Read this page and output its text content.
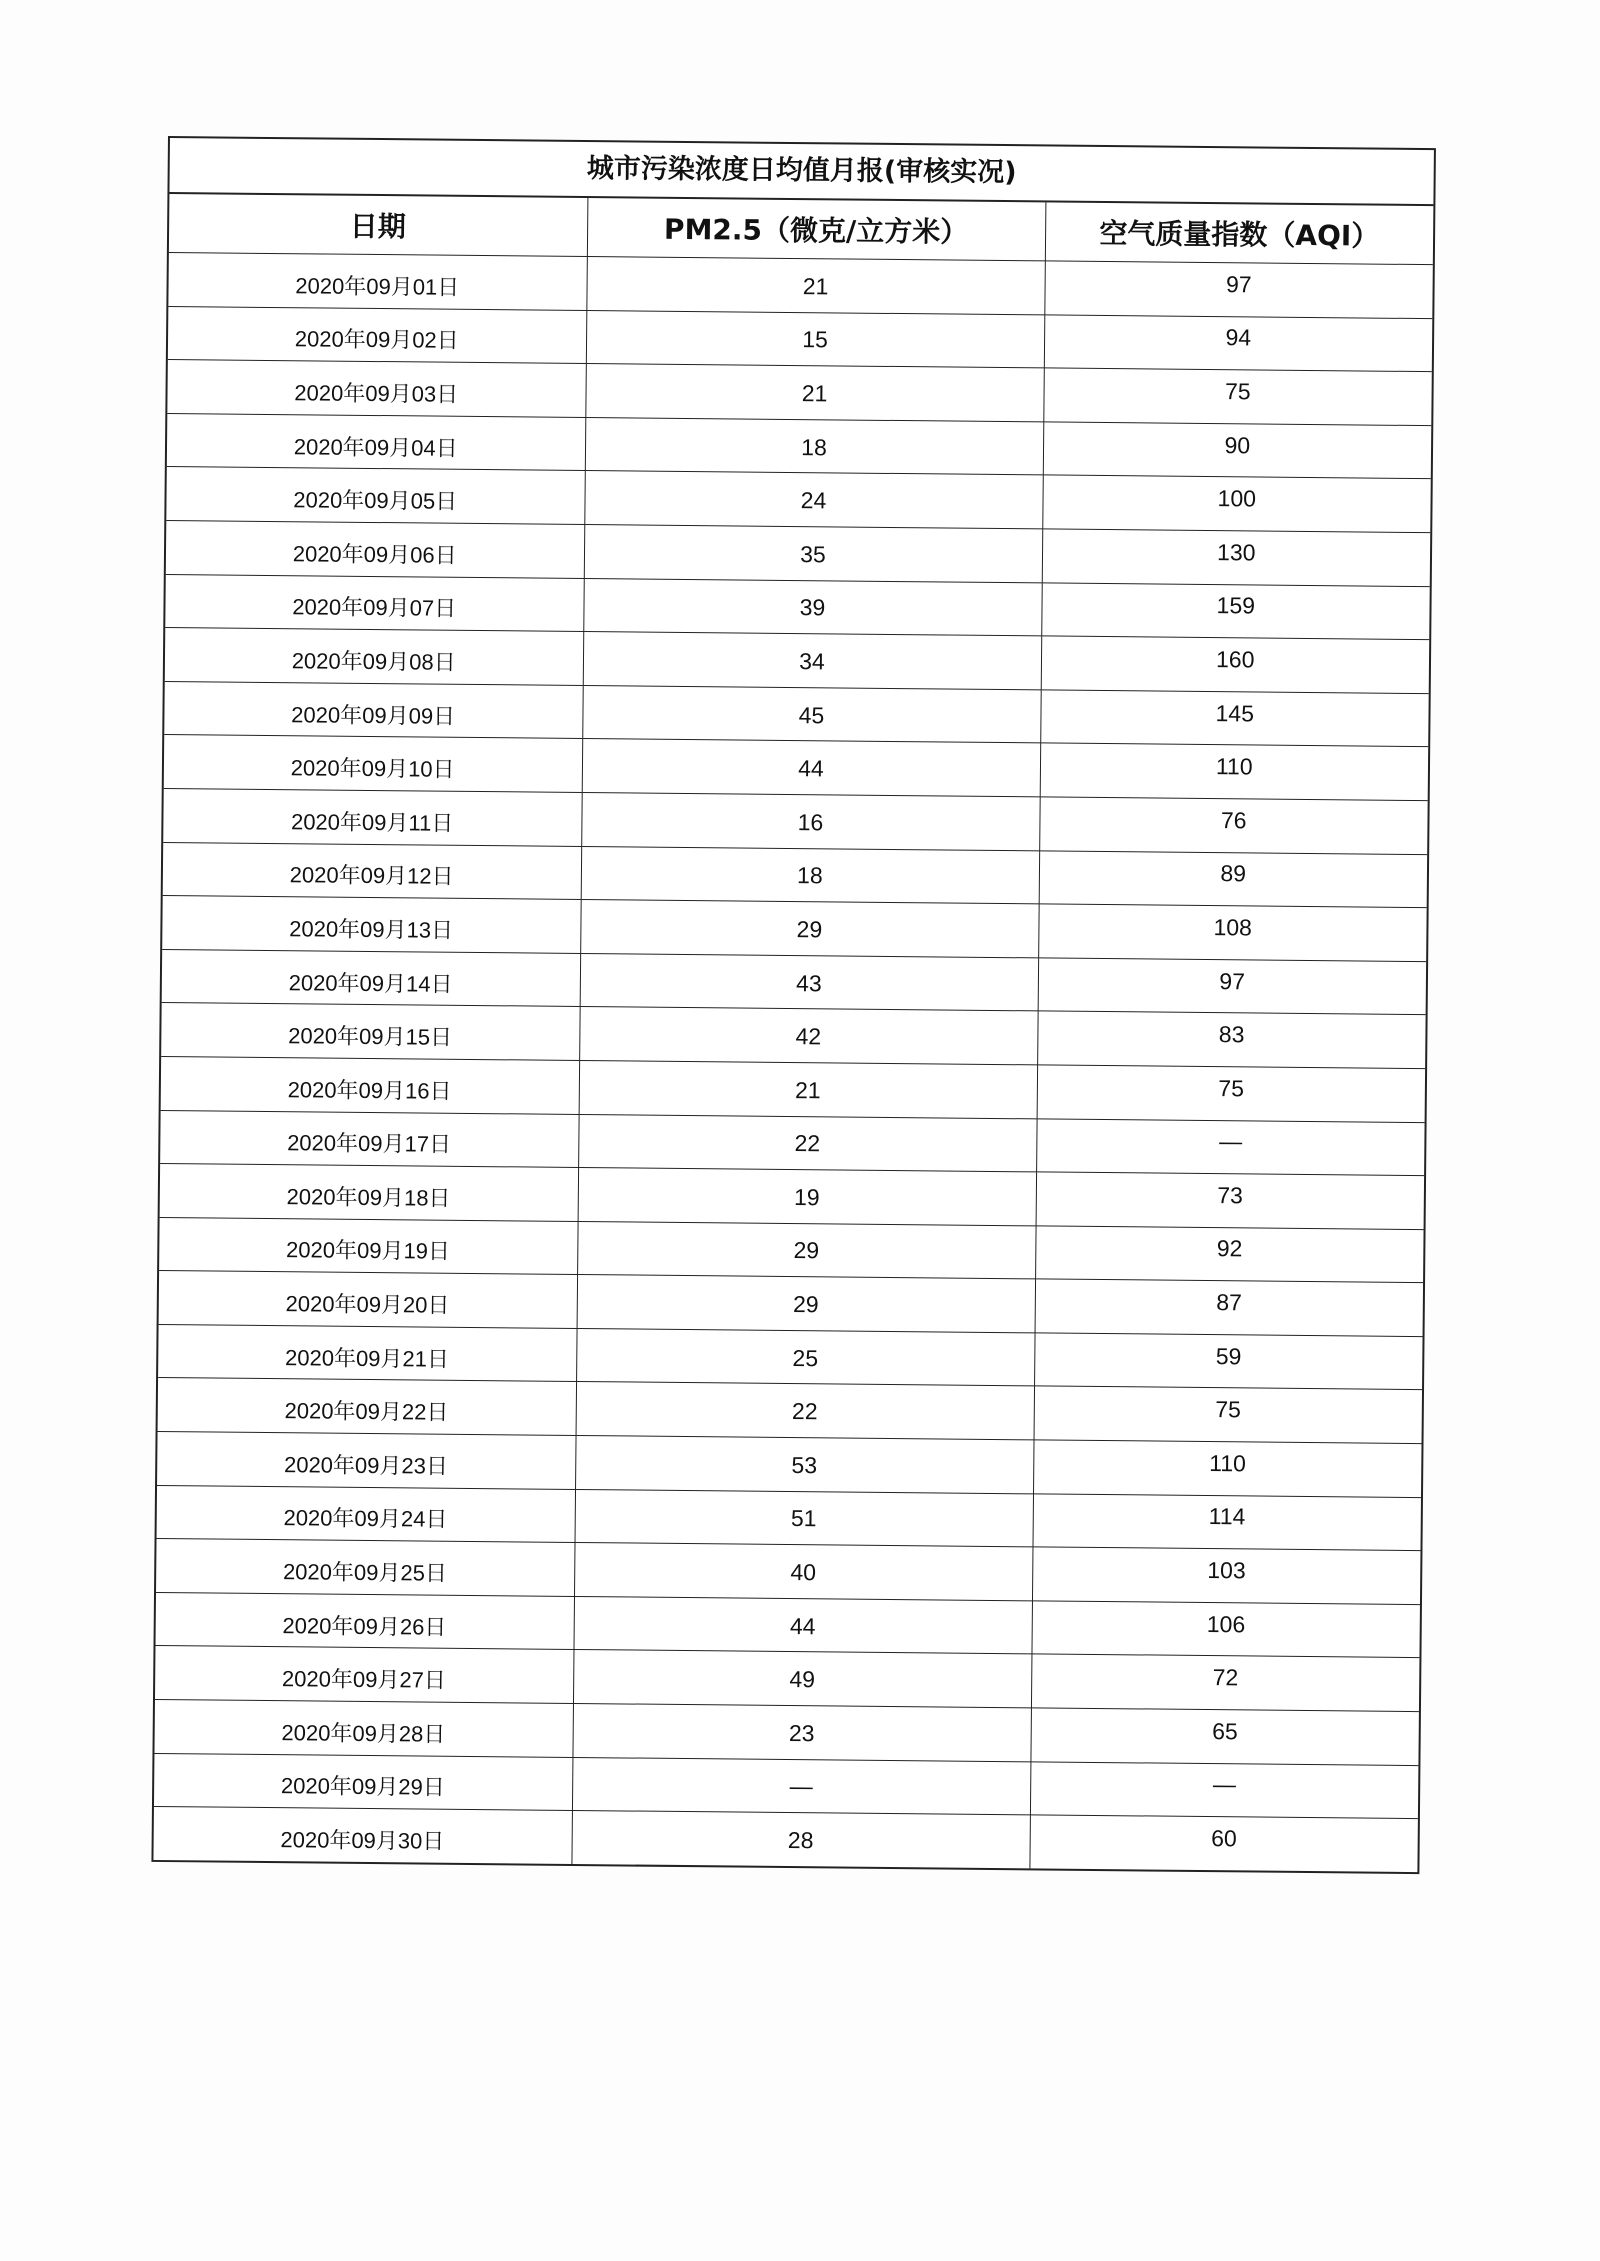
城市污染浓度日均值月报(审核实况)
日期	PM2.5（微克/立方米）	空气质量指数（AQI）
2020年09月01日	21	97
2020年09月02日	15	94
2020年09月03日	21	75
2020年09月04日	18	90
2020年09月05日	24	100
2020年09月06日	35	130
2020年09月07日	39	159
2020年09月08日	34	160
2020年09月09日	45	145
2020年09月10日	44	110
2020年09月11日	16	76
2020年09月12日	18	89
2020年09月13日	29	108
2020年09月14日	43	97
2020年09月15日	42	83
2020年09月16日	21	75
2020年09月17日	22	—
2020年09月18日	19	73
2020年09月19日	29	92
2020年09月20日	29	87
2020年09月21日	25	59
2020年09月22日	22	75
2020年09月23日	53	110
2020年09月24日	51	114
2020年09月25日	40	103
2020年09月26日	44	106
2020年09月27日	49	72
2020年09月28日	23	65
2020年09月29日	—	—
2020年09月30日	28	60
